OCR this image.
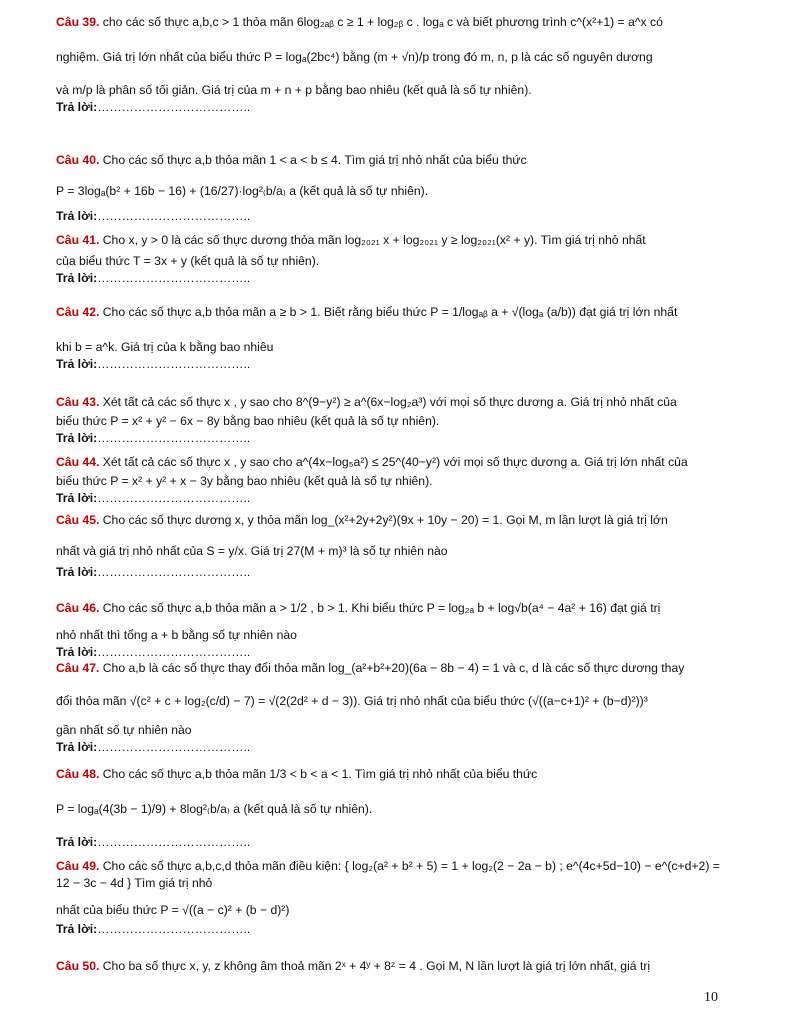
Câu 39. cho các số thực a,b,c > 1 thỏa mãn 6log₂ₐᵦ c ≥ 1 + log₂ᵦ c . logₐ c và biết phương trình c^(x²+1) = a^x có
nghiệm. Giá trị lớn nhất của biểu thức P = logₐ(2bc⁴) bằng (m + √n)/p trong đó m, n, p là các số nguyên dương
và m/p là phân số tối giản. Giá trị của m + n + p bằng bao nhiêu (kết quả là số tự nhiên).
Trả lời:………………………………..
Câu 40. Cho các số thực a,b thỏa mãn 1 < a < b ≤ 4. Tìm giá trị nhỏ nhất của biểu thức
P = 3logₐ(b² + 16b − 16) + (16/27)·log²₍b/a₎ a (kết quả là số tự nhiên).
Trả lời:………………………………..
Câu 41. Cho x, y > 0 là các số thực dương thỏa mãn log₂₀₂₁ x + log₂₀₂₁ y ≥ log₂₀₂₁(x² + y). Tìm giá trị nhỏ nhất
của biểu thức T = 3x + y (kết quả là số tự nhiên).
Trả lời:………………………………..
Câu 42. Cho các số thực a,b thỏa mãn a ≥ b > 1. Biết rằng biểu thức P = 1/logₐᵦ a + √(logₐ (a/b)) đạt giá trị lớn nhất
khi b = a^k. Giá trị của k bằng bao nhiêu
Trả lời:………………………………..
Câu 43. Xét tất cả các số thực x , y sao cho 8^(9−y²) ≥ a^(6x−log₂a³) với mọi số thực dương a. Giá trị nhỏ nhất của
biểu thức P = x² + y² − 6x − 8y bằng bao nhiêu (kết quả là số tự nhiên).
Trả lời:………………………………..
Câu 44. Xét tất cả các số thực x , y sao cho a^(4x−log₅a²) ≤ 25^(40−y²) với mọi số thực dương a. Giá trị lớn nhất của
biểu thức P = x² + y² + x − 3y bằng bao nhiêu (kết quả là số tự nhiên).
Trả lời:………………………………..
Câu 45. Cho các số thực dương x, y thỏa mãn log_(x²+2y+2y²)(9x + 10y − 20) = 1. Gọi M, m lần lượt là giá trị lớn
nhất và giá trị nhỏ nhất của S = y/x. Giá trị 27(M + m)³ là số tự nhiên nào
Trả lời:………………………………..
Câu 46. Cho các số thực a,b thỏa mãn a > 1/2 , b > 1. Khi biểu thức P = log₂ₐ b + log√b(a⁴ − 4a² + 16) đạt giá trị
nhỏ nhất thì tổng a + b bằng số tự nhiên nào
Trả lời:………………………………..
Câu 47. Cho a,b là các số thực thay đổi thỏa mãn log_(a²+b²+20)(6a − 8b − 4) = 1 và c, d là các số thực dương thay
đổi thỏa mãn √(c² + c + log₂(c/d) − 7) = √(2(2d² + d − 3)). Giá trị nhỏ nhất của biểu thức (√((a−c+1)² + (b−d)²))³
gần nhất số tự nhiên nào
Trả lời:………………………………..
Câu 48. Cho các số thực a,b thỏa mãn 1/3 < b < a < 1. Tìm giá trị nhỏ nhất của biểu thức
P = logₐ(4(3b − 1)/9) + 8log²₍b/a₎ a (kết quả là số tự nhiên).
Trả lời:………………………………..
Câu 49. Cho các số thực a,b,c,d thỏa mãn điều kiện: { log₂(a² + b² + 5) = 1 + log₂(2 − 2a − b) ; e^(4c+5d−10) − e^(c+d+2) = 12 − 3c − 4d } Tìm giá trị nhỏ
nhất của biểu thức P = √((a − c)² + (b − d)²)
Trả lời:………………………………..
Câu 50. Cho ba số thực x, y, z không âm thoả mãn 2ˣ + 4ʸ + 8ᶻ = 4 . Gọi M, N lần lượt là giá trị lớn nhất, giá trị
10
